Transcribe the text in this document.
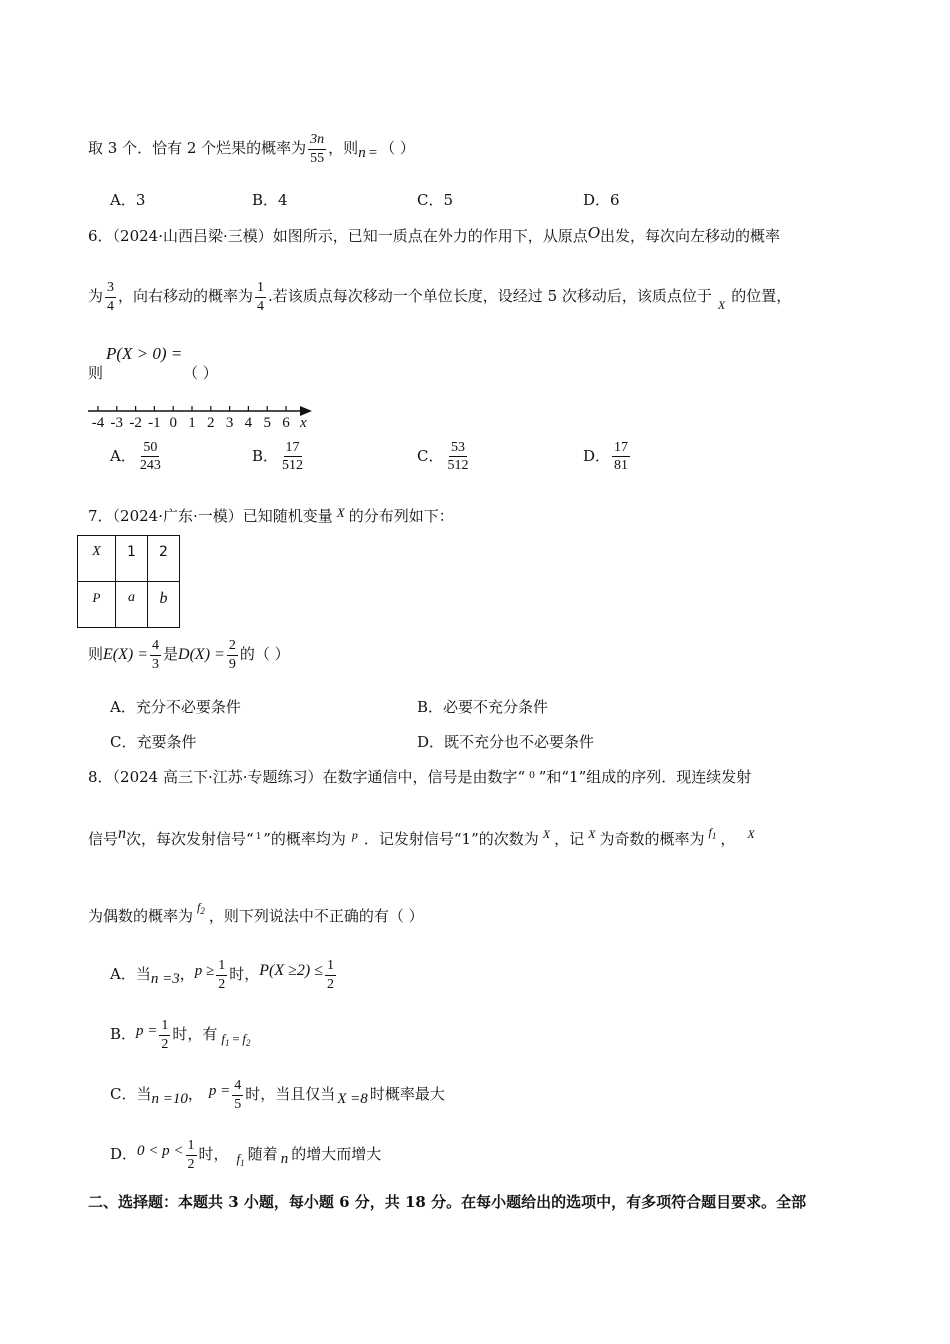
取 3 个．恰有 2 个烂果的概率为 $\frac{3n}{55}$ ，则n = （ ）
A．3	B．4	C．5	D．6
6．（2024·山西吕梁·三模）如图所示，已知一质点在外力的作用下，从原点O出发，每次向左移动的概率
为 $\frac{3}{4}$ ，向右移动的概率为 $\frac{1}{4}$ .若该质点每次移动一个单位长度，设经过 5 次移动后，该质点位于 $_X$ 的位置，
P(X > 0) =
则	（ ）
-4 -3 -2 -1 0 1 2 3 4 5 6 x
A． $\frac{50}{243}$	B． $\frac{17}{512}$	C． $\frac{53}{512}$	D． $\frac{17}{81}$
7．（2024·广东·一模）已知随机变量 X 的分布列如下：
X	1	2
P	a	b
则$E(X) = \frac{4}{3}$ 是$D(X) = \frac{2}{9}$ 的（ ）
A．充分不必要条件	B．必要不充分条件
C．充要条件	D．既不充分也不必要条件
8．（2024 高三下·江苏·专题练习）在数字通信中，信号是由数字“ $^0$ ”和“1”组成的序列．现连续发射
信号n次，每次发射信号“ $^1$ ”的概率均为 $^p$ ．记发射信号“1”的次数为 $^X$ ，记 $^X$ 为奇数的概率为 $^{f_1}$ ， $^X$
为偶数的概率为 $^{f_2}$ ，则下列说法中不正确的有（ ）
A．当n =3，$p \ge \frac{1}{2}$ 时，$P(X \ge 2) \le \frac{1}{2}$
B．$p = \frac{1}{2}$ 时，有 $f_1 = f_2$
C．当n =10， $p = \frac{4}{5}$ 时，当且仅当 X =8 时概率最大
D．$0 < p < \frac{1}{2}$ 时， $f_1$ 随着 n 的增大而增大
二、选择题：本题共 3 小题，每小题 6 分，共 18 分。在每小题给出的选项中，有多项符合题目要求。全部
